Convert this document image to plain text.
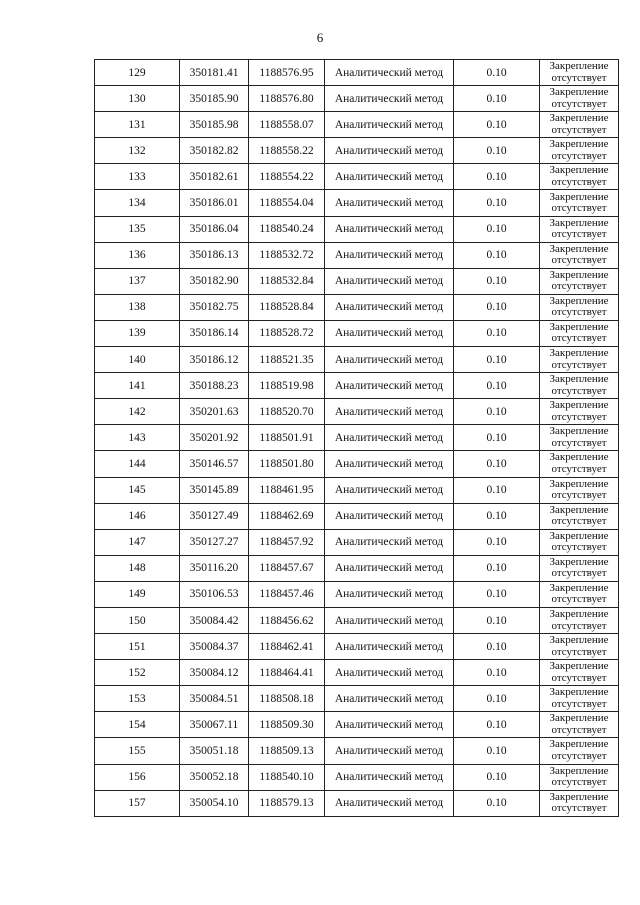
6
129	350181.41	1188576.95	Аналитический метод	0.10	Закрепление отсутствует
130	350185.90	1188576.80	Аналитический метод	0.10	Закрепление отсутствует
131	350185.98	1188558.07	Аналитический метод	0.10	Закрепление отсутствует
132	350182.82	1188558.22	Аналитический метод	0.10	Закрепление отсутствует
133	350182.61	1188554.22	Аналитический метод	0.10	Закрепление отсутствует
134	350186.01	1188554.04	Аналитический метод	0.10	Закрепление отсутствует
135	350186.04	1188540.24	Аналитический метод	0.10	Закрепление отсутствует
136	350186.13	1188532.72	Аналитический метод	0.10	Закрепление отсутствует
137	350182.90	1188532.84	Аналитический метод	0.10	Закрепление отсутствует
138	350182.75	1188528.84	Аналитический метод	0.10	Закрепление отсутствует
139	350186.14	1188528.72	Аналитический метод	0.10	Закрепление отсутствует
140	350186.12	1188521.35	Аналитический метод	0.10	Закрепление отсутствует
141	350188.23	1188519.98	Аналитический метод	0.10	Закрепление отсутствует
142	350201.63	1188520.70	Аналитический метод	0.10	Закрепление отсутствует
143	350201.92	1188501.91	Аналитический метод	0.10	Закрепление отсутствует
144	350146.57	1188501.80	Аналитический метод	0.10	Закрепление отсутствует
145	350145.89	1188461.95	Аналитический метод	0.10	Закрепление отсутствует
146	350127.49	1188462.69	Аналитический метод	0.10	Закрепление отсутствует
147	350127.27	1188457.92	Аналитический метод	0.10	Закрепление отсутствует
148	350116.20	1188457.67	Аналитический метод	0.10	Закрепление отсутствует
149	350106.53	1188457.46	Аналитический метод	0.10	Закрепление отсутствует
150	350084.42	1188456.62	Аналитический метод	0.10	Закрепление отсутствует
151	350084.37	1188462.41	Аналитический метод	0.10	Закрепление отсутствует
152	350084.12	1188464.41	Аналитический метод	0.10	Закрепление отсутствует
153	350084.51	1188508.18	Аналитический метод	0.10	Закрепление отсутствует
154	350067.11	1188509.30	Аналитический метод	0.10	Закрепление отсутствует
155	350051.18	1188509.13	Аналитический метод	0.10	Закрепление отсутствует
156	350052.18	1188540.10	Аналитический метод	0.10	Закрепление отсутствует
157	350054.10	1188579.13	Аналитический метод	0.10	Закрепление отсутствует
